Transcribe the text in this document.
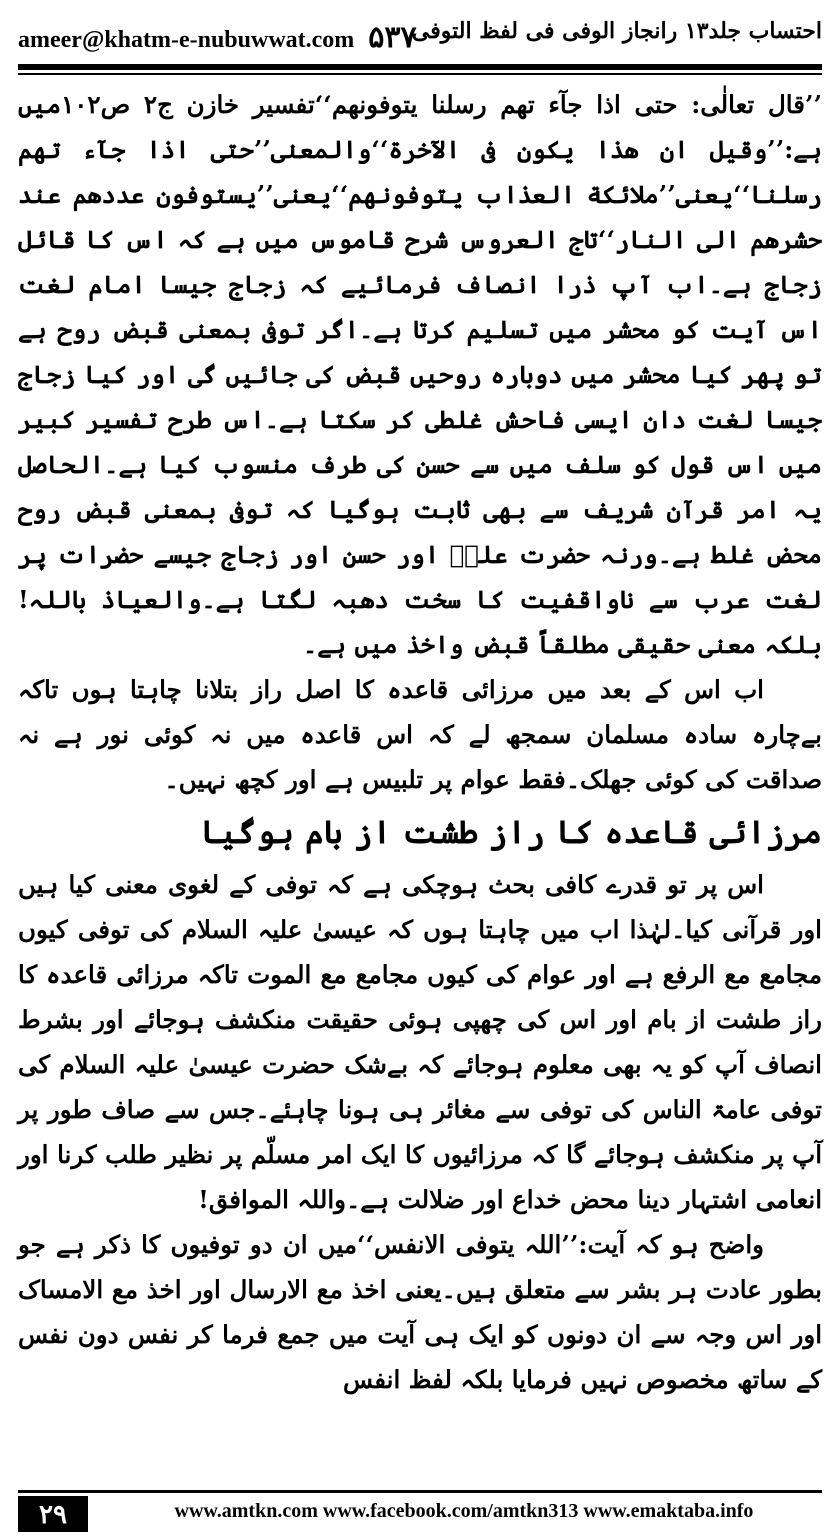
ameer@khatm-e-nubuwwat.com ۵۳۷
احتساب جلد۱۳ رانجاز الوفی فی لفظ التوفی

’’قال تعالٰی: حتی اذا جآء تهم رسلنا یتوفونهم‘‘تفسیر خازن ج۲ ص۱۰۲میں ہے:’’وقیل ان هذا یکون فی الآخرة‘‘والمعنٰی’’حتی اذا جآء تهم رسلنا‘‘یعنی’’ملائکة العذاب یتوفونهم‘‘یعنی’’یستوفون عددهم عند حشرهم الی النار‘‘تاج العروس شرح قاموس میں ہے کہ اس کا قائل زجاج ہے۔اب آپ ذرا انصاف فرمائیے کہ زجاج جیسا امام لغت اس آیت کو محشر میں تسلیم کرتا ہے۔اگر توفی بمعنی قبض روح ہے تو پھر کیا محشر میں دوبارہ روحیں قبض کی جائیں گی اور کیا زجاج جیسا لغت دان ایسی فاحش غلطی کر سکتا ہے۔اس طرح تفسیر کبیر میں اس قول کو سلف میں سے حسن کی طرف منسوب کیا ہے۔الحاصل یہ امر قرآن شریف سے بھی ثابت ہوگیا کہ توفی بمعنی قبض روح محض غلط ہے۔ورنہ حضرت علیؓ اور حسن اور زجاج جیسے حضرات پر لغت عرب سے ناواقفیت کا سخت دھبہ لگتا ہے۔والعیاذ باللہ! بلکہ معنی حقیقی مطلقاً قبض واخذ میں ہے۔

اب اس کے بعد میں مرزائی قاعدہ کا اصل راز بتلانا چاہتا ہوں تاکہ بےچارہ سادہ مسلمان سمجھ لے کہ اس قاعدہ میں نہ کوئی نور ہے نہ صداقت کی کوئی جھلک۔فقط عوام پر تلبیس ہے اور کچھ نہیں۔

مرزائی قاعدہ کا راز طشت از بام ہوگیا

اس پر تو قدرے کافی بحث ہوچکی ہے کہ توفی کے لغوی معنی کیا ہیں اور قرآنی کیا۔لہٰذا اب میں چاہتا ہوں کہ عیسیٰ علیہ السلام کی توفی کیوں مجامع مع الرفع ہے اور عوام کی کیوں مجامع مع الموت تاکہ مرزائی قاعدہ کا راز طشت از بام اور اس کی چھپی ہوئی حقیقت منکشف ہوجائے اور بشرط انصاف آپ کو یہ بھی معلوم ہوجائے کہ بےشک حضرت عیسیٰ علیہ السلام کی توفی عامۃ الناس کی توفی سے مغائر ہی ہونا چاہئے۔جس سے صاف طور پر آپ پر منکشف ہوجائے گا کہ مرزائیوں کا ایک امر مسلّم پر نظیر طلب کرنا اور انعامی اشتہار دینا محض خداع اور ضلالت ہے۔واللہ الموافق!

واضح ہو کہ آیت:’’اللہ یتوفی الانفس‘‘میں ان دو توفیوں کا ذکر ہے جو بطور عادت ہر بشر سے متعلق ہیں۔یعنی اخذ مع الارسال اور اخذ مع الامساک اور اس وجہ سے ان دونوں کو ایک ہی آیت میں جمع فرما کر نفس دون نفس کے ساتھ مخصوص نہیں فرمایا بلکہ لفظ انفس

۲۹	www.amtkn.com www.facebook.com/amtkn313 www.emaktaba.info
